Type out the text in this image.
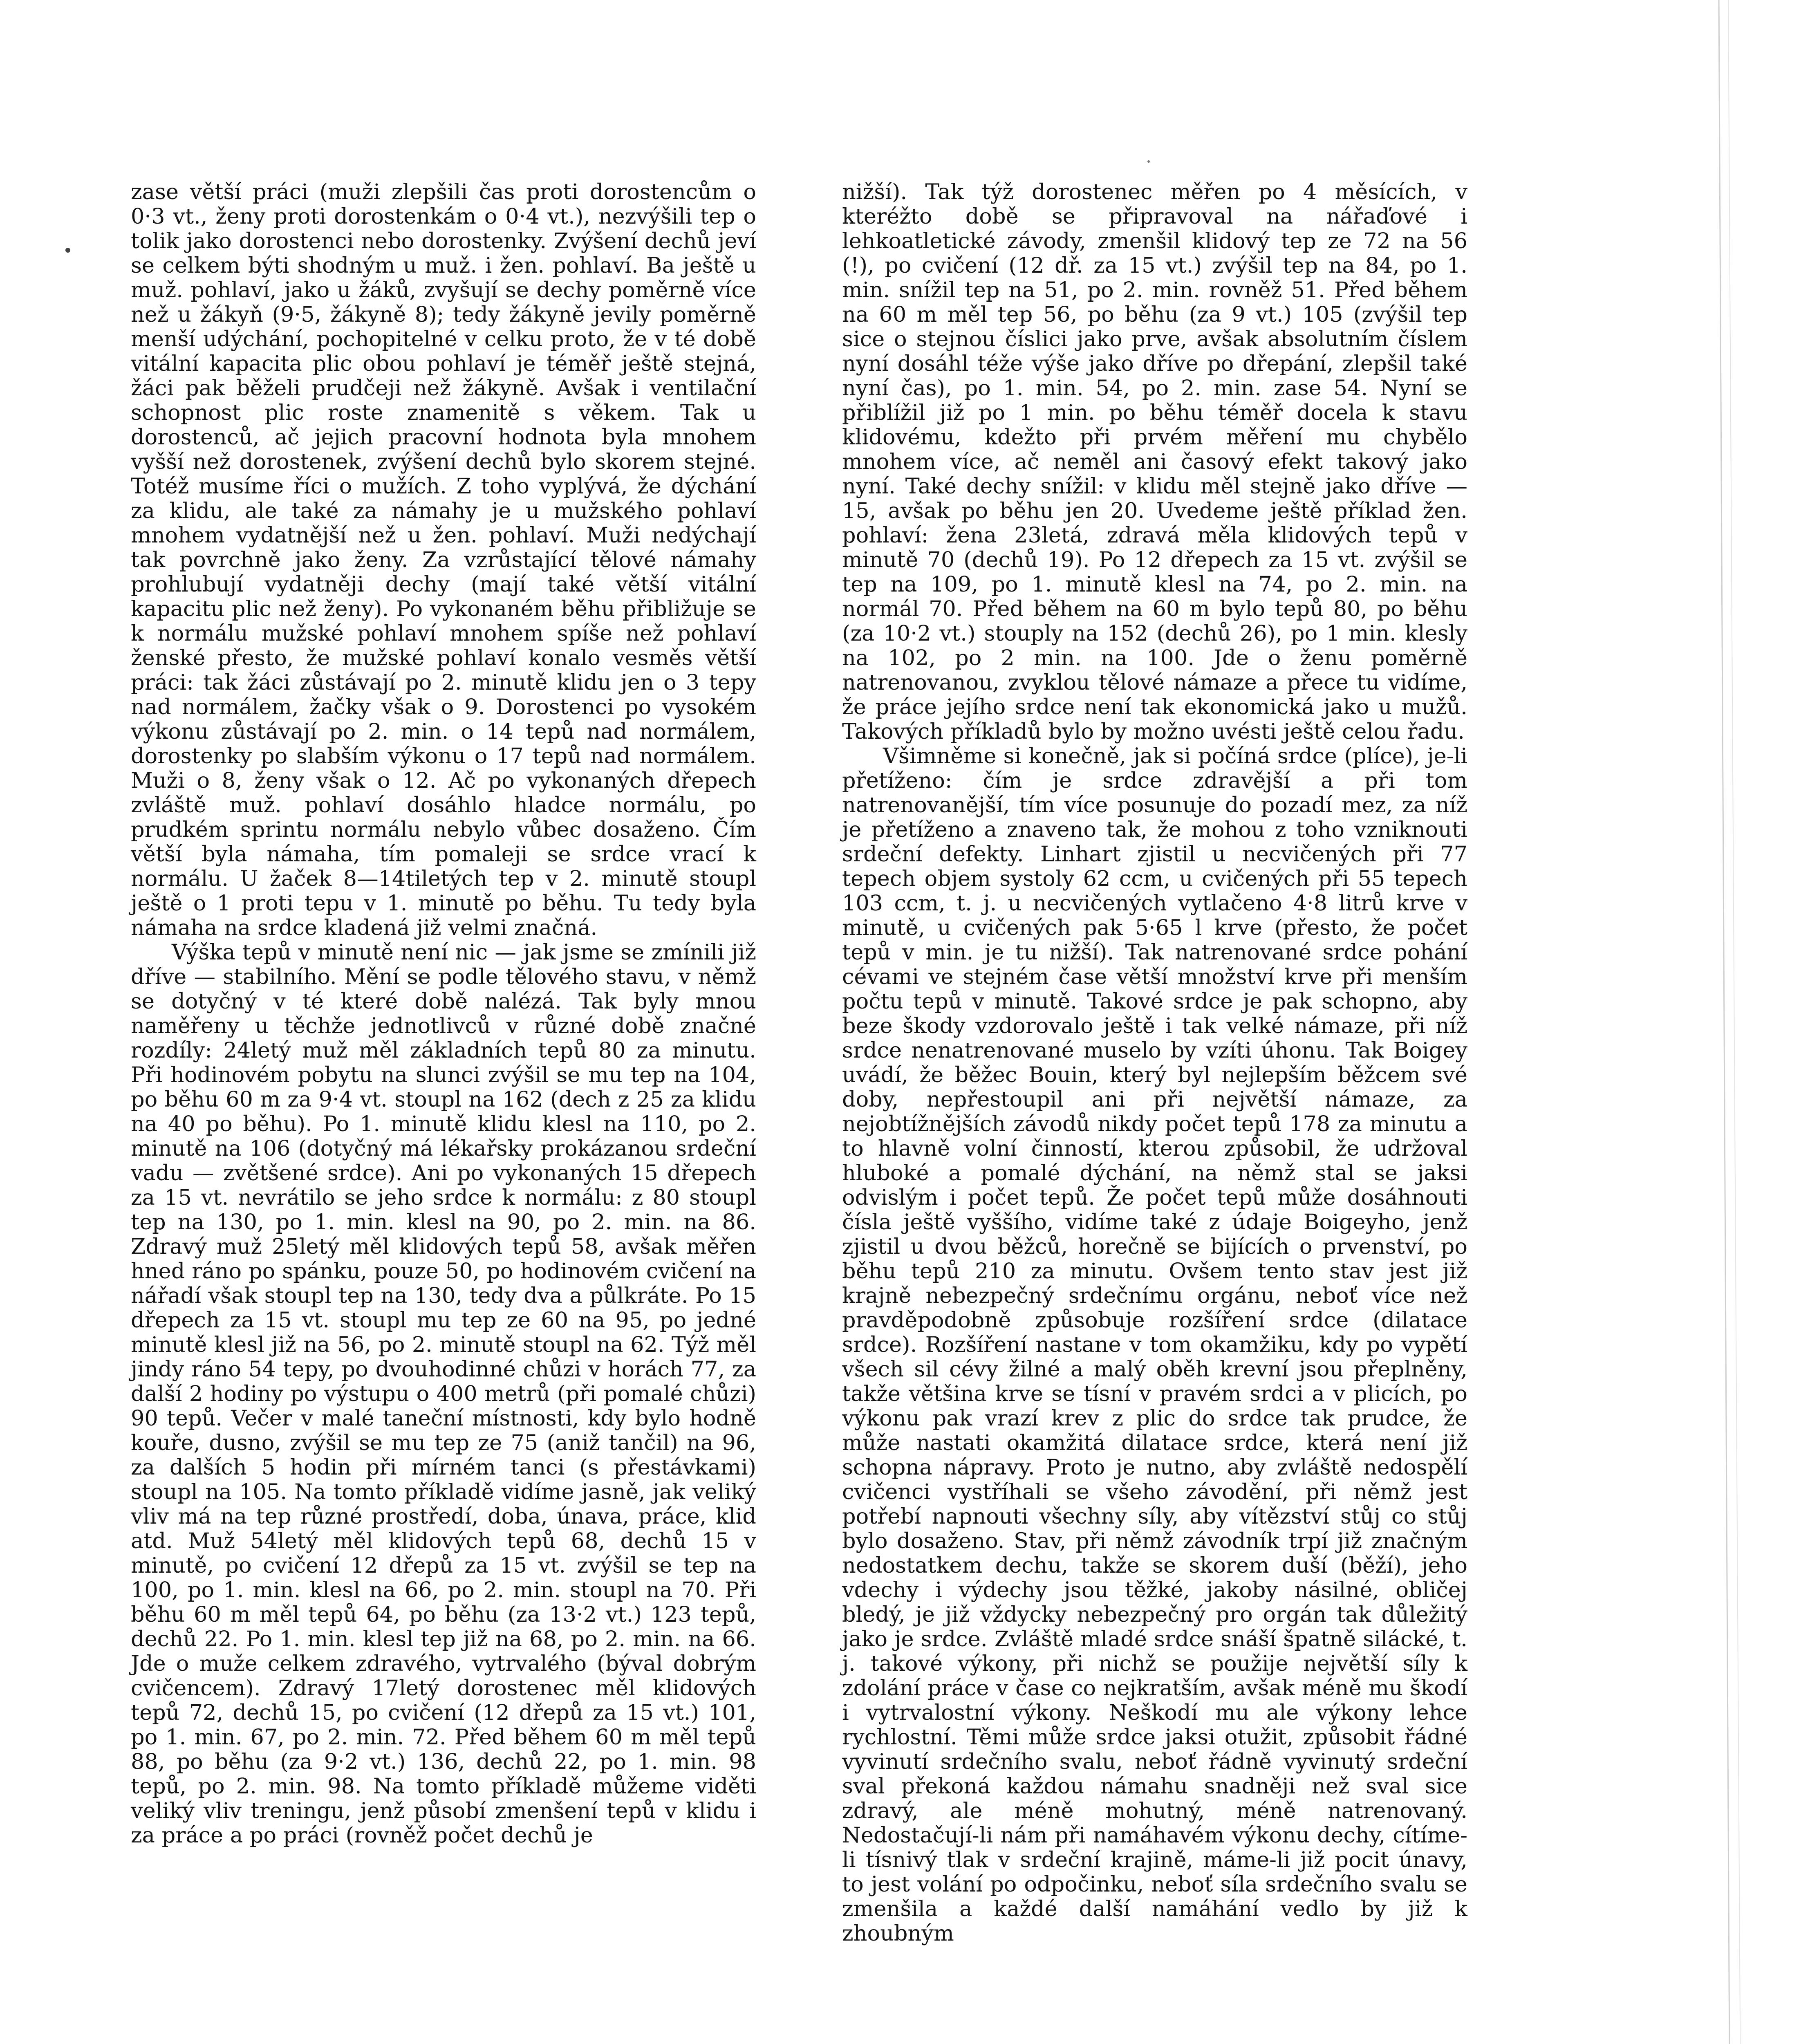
zase větší práci (muži zlepšili čas proti dorostencům o 0·3 vt., ženy proti dorostenkám o 0·4 vt.), nezvýšili tep o tolik jako dorostenci nebo dorostenky. Zvýšení dechů jeví se celkem býti shodným u muž. i žen. pohlaví. Ba ještě u muž. pohlaví, jako u žáků, zvyšují se dechy poměrně více než u žákyň (9·5, žákyně 8); tedy žákyně jevily poměrně menší udýchání, pochopitelné v celku proto, že v té době vitální kapacita plic obou pohlaví je téměř ještě stejná, žáci pak běželi prudčeji než žákyně. Avšak i ventilační schopnost plic roste znamenitě s věkem. Tak u dorostenců, ač jejich pracovní hodnota byla mnohem vyšší než dorostenek, zvýšení dechů bylo skorem stejné. Totéž musíme říci o mužích. Z toho vyplývá, že dýchání za klidu, ale také za námahy je u mužského pohlaví mnohem vydatnější než u žen. pohlaví. Muži nedýchají tak povrchně jako ženy. Za vzrůstající tělové námahy prohlubují vydatněji dechy (mají také větší vitální kapacitu plic než ženy). Po vykonaném běhu přibližuje se k normálu mužské pohlaví mnohem spíše než pohlaví ženské přesto, že mužské pohlaví konalo vesměs větší práci: tak žáci zůstávají po 2. minutě klidu jen o 3 tepy nad normálem, žačky však o 9. Dorostenci po vysokém výkonu zůstávají po 2. min. o 14 tepů nad normálem, dorostenky po slabším výkonu o 17 tepů nad normálem. Muži o 8, ženy však o 12. Ač po vykonaných dřepech zvláště muž. pohlaví dosáhlo hladce normálu, po prudkém sprintu normálu nebylo vůbec dosaženo. Čím větší byla námaha, tím pomaleji se srdce vrací k normálu. U žaček 8—14tiletých tep v 2. minutě stoupl ještě o 1 proti tepu v 1. minutě po běhu. Tu tedy byla námaha na srdce kladená již velmi značná.

Výška tepů v minutě není nic — jak jsme se zmínili již dříve — stabilního. Mění se podle tělového stavu, v němž se dotyčný v té které době nalézá. Tak byly mnou naměřeny u těchže jednotlivců v různé době značné rozdíly: 24letý muž měl základních tepů 80 za minutu. Při hodinovém pobytu na slunci zvýšil se mu tep na 104, po běhu 60 m za 9·4 vt. stoupl na 162 (dech z 25 za klidu na 40 po běhu). Po 1. minutě klidu klesl na 110, po 2. minutě na 106 (dotyčný má lékařsky prokázanou srdeční vadu — zvětšené srdce). Ani po vykonaných 15 dřepech za 15 vt. nevrátilo se jeho srdce k normálu: z 80 stoupl tep na 130, po 1. min. klesl na 90, po 2. min. na 86. Zdravý muž 25letý měl klidových tepů 58, avšak měřen hned ráno po spánku, pouze 50, po hodinovém cvičení na nářadí však stoupl tep na 130, tedy dva a půlkráte. Po 15 dřepech za 15 vt. stoupl mu tep ze 60 na 95, po jedné minutě klesl již na 56, po 2. minutě stoupl na 62. Týž měl jindy ráno 54 tepy, po dvouhodinné chůzi v horách 77, za další 2 hodiny po výstupu o 400 metrů (při pomalé chůzi) 90 tepů. Večer v malé taneční místnosti, kdy bylo hodně kouře, dusno, zvýšil se mu tep ze 75 (aniž tančil) na 96, za dalších 5 hodin při mírném tanci (s přestávkami) stoupl na 105. Na tomto příkladě vidíme jasně, jak veliký vliv má na tep různé prostředí, doba, únava, práce, klid atd. Muž 54letý měl klidových tepů 68, dechů 15 v minutě, po cvičení 12 dřepů za 15 vt. zvýšil se tep na 100, po 1. min. klesl na 66, po 2. min. stoupl na 70. Při běhu 60 m měl tepů 64, po běhu (za 13·2 vt.) 123 tepů, dechů 22. Po 1. min. klesl tep již na 68, po 2. min. na 66. Jde o muže celkem zdravého, vytrvalého (býval dobrým cvičencem). Zdravý 17letý dorostenec měl klidových tepů 72, dechů 15, po cvičení (12 dřepů za 15 vt.) 101, po 1. min. 67, po 2. min. 72. Před během 60 m měl tepů 88, po běhu (za 9·2 vt.) 136, dechů 22, po 1. min. 98 tepů, po 2. min. 98. Na tomto příkladě můžeme viděti veliký vliv treningu, jenž působí zmenšení tepů v klidu i za práce a po práci (rovněž počet dechů je

nižší). Tak týž dorostenec měřen po 4 měsících, v kteréžto době se připravoval na nářaďové i lehkoatletické závody, zmenšil klidový tep ze 72 na 56 (!), po cvičení (12 dř. za 15 vt.) zvýšil tep na 84, po 1. min. snížil tep na 51, po 2. min. rovněž 51. Před během na 60 m měl tep 56, po běhu (za 9 vt.) 105 (zvýšil tep sice o stejnou číslici jako prve, avšak absolutním číslem nyní dosáhl téže výše jako dříve po dřepání, zlepšil také nyní čas), po 1. min. 54, po 2. min. zase 54. Nyní se přiblížil již po 1 min. po běhu téměř docela k stavu klidovému, kdežto při prvém měření mu chybělo mnohem více, ač neměl ani časový efekt takový jako nyní. Také dechy snížil: v klidu měl stejně jako dříve — 15, avšak po běhu jen 20. Uvedeme ještě příklad žen. pohlaví: žena 23letá, zdravá měla klidových tepů v minutě 70 (dechů 19). Po 12 dřepech za 15 vt. zvýšil se tep na 109, po 1. minutě klesl na 74, po 2. min. na normál 70. Před během na 60 m bylo tepů 80, po běhu (za 10·2 vt.) stouply na 152 (dechů 26), po 1 min. klesly na 102, po 2 min. na 100. Jde o ženu poměrně natrenovanou, zvyklou tělové námaze a přece tu vidíme, že práce jejího srdce není tak ekonomická jako u mužů. Takových příkladů bylo by možno uvésti ještě celou řadu.

Všimněme si konečně, jak si počíná srdce (plíce), je-li přetíženo: čím je srdce zdravější a při tom natrenovanější, tím více posunuje do pozadí mez, za níž je přetíženo a znaveno tak, že mohou z toho vzniknouti srdeční defekty. Linhart zjistil u necvičených při 77 tepech objem systoly 62 ccm, u cvičených při 55 tepech 103 ccm, t. j. u necvičených vytlačeno 4·8 litrů krve v minutě, u cvičených pak 5·65 l krve (přesto, že počet tepů v min. je tu nižší). Tak natrenované srdce pohání cévami ve stejném čase větší množství krve při menším počtu tepů v minutě. Takové srdce je pak schopno, aby beze škody vzdorovalo ještě i tak velké námaze, při níž srdce nenatrenované muselo by vzíti úhonu. Tak Boigey uvádí, že běžec Bouin, který byl nejlepším běžcem své doby, nepřestoupil ani při největší námaze, za nejobtížnějších závodů nikdy počet tepů 178 za minutu a to hlavně volní činností, kterou způsobil, že udržoval hluboké a pomalé dýchání, na němž stal se jaksi odvislým i počet tepů. Že počet tepů může dosáhnouti čísla ještě vyššího, vidíme také z údaje Boigeyho, jenž zjistil u dvou běžců, horečně se bijících o prvenství, po běhu tepů 210 za minutu. Ovšem tento stav jest již krajně nebezpečný srdečnímu orgánu, neboť více než pravděpodobně způsobuje rozšíření srdce (dilatace srdce). Rozšíření nastane v tom okamžiku, kdy po vypětí všech sil cévy žilné a malý oběh krevní jsou přeplněny, takže většina krve se tísní v pravém srdci a v plicích, po výkonu pak vrazí krev z plic do srdce tak prudce, že může nastati okamžitá dilatace srdce, která není již schopna nápravy. Proto je nutno, aby zvláště nedospělí cvičenci vystříhali se všeho závodění, při němž jest potřebí napnouti všechny síly, aby vítězství stůj co stůj bylo dosaženo. Stav, při němž závodník trpí již značným nedostatkem dechu, takže se skorem duší (běží), jeho vdechy i výdechy jsou těžké, jakoby násilné, obličej bledý, je již vždycky nebezpečný pro orgán tak důležitý jako je srdce. Zvláště mladé srdce snáší špatně silácké, t. j. takové výkony, při nichž se použije největší síly k zdolání práce v čase co nejkratším, avšak méně mu škodí i vytrvalostní výkony. Neškodí mu ale výkony lehce rychlostní. Těmi může srdce jaksi otužit, způsobit řádné vyvinutí srdečního svalu, neboť řádně vyvinutý srdeční sval překoná každou námahu snadněji než sval sice zdravý, ale méně mohutný, méně natrenovaný. Nedostačují-li nám při namáhavém výkonu dechy, cítíme-li tísnivý tlak v srdeční krajině, máme-li již pocit únavy, to jest volání po odpočinku, neboť síla srdečního svalu se zmenšila a každé další namáhání vedlo by již k zhoubným
